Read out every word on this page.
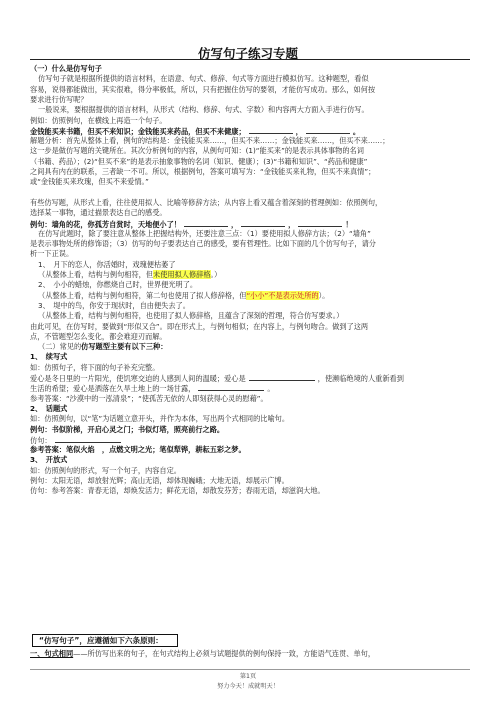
仿写句子练习专题
（一）什么是仿写句子
仿写句子就是根据所提供的语言材料，在语意、句式、修辞、句式等方面进行模拟仿写。这种题型，看似
容易，说得都能做出，其实很难，得分率极低，所以，只有把握住仿写的要领，才能仿写成功。那么，如何按
要求进行仿写呢？
一般说来，要根据提供的语言材料，从形式（结构、修辞、句式、字数）和内容两大方面入手进行仿写。
例如：仿照例句，在横线上再造一个句子。
金钱能买来书籍，但买不来知识；金钱能买来药品，但买不来健康；	，	。
解题分析：首先从整体上看，例句的结构是：金钱能买来……，但买不来……；金钱能买来……，但买不来……；
这一步是做仿写题的关键所在。其次分析例句的内容，从例句可知：(1)“能买来”的是表示具体事物的名词
（书籍、药品）；(2)“但买不来”的是表示抽象事物的名词（知识、健康）；(3)“书籍和知识”、“药品和健康”
之间具有内在的联系，三者缺一不可。所以，根据例句，答案可填写为：“金钱能买来礼物，但买不来真情”；
或“金钱能买来玫瑰，但买不来爱情。”
有些仿写题，从形式上看，往往使用拟人、比喻等修辞方法；从内容上看又蕴含着深刻的哲理例如：依照例句，
选择某一事物，通过描景表达自己的感受。
例句：墙角的花，你孤芳自赏时，天地便小了！	，	，	！
在仿写此题时，除了要注意从整体上把握结构外，还要注意三点：（1）要使用拟人修辞方法；（2）“墙角”
是表示事物处所的修饰语；（3）仿写的句子要表达自己的感受，要有哲理性。比如下面的几个仿写句子，请分
析一下正误。
1、　月下的恋人，你活婚时，戏瑰便枯萎了
（从整体上看，结构与例句相符，但未使用拟人修辞格。）
2、　小小的蜡烛，你燃烧自己时，世界便光明了。
（从整体上看，结构与例句相符，第二句也使用了拟人修辞格，但“小小”不是表示处所的）。
3、　堤中的鸟，你安于现状时，自由便失去了。
（从整体上看，结构与例句相符，也使用了拟人修辞格，且蕴含了深刻的哲理，符合仿写要求。）
由此可见，在仿写时，要做到“形似又合”。即在形式上，与例句相似；在内容上，与例句吻合。做到了这两
点，不管题型怎么变化，都会难迎刃而解。
（二）常见的仿写题型主要有以下三种：
1、　续写式
如：仿照句子，将下面的句子补充完整。
爱心是冬日里的一片阳光，使饥寒交迫的人感到人间的温暖；爱心是	，使濒临绝境的人重新看到
生活的希望；爱心是洒落在久旱土地上的一场甘露，	。
参考答案：“沙漠中的一泓清泉”；“使孤苦无依的人即刻获得心灵的慰藉”。
2、　话题式
如：仿照例句，以“笔”为话题立意开头，并作为本体，写出两个式相同的比喻句。
例句：书似阶梯，开启心灵之门；书似灯塔，照亮前行之路。
仿句：
参考答案：笔似火焰　，点燃文明之光；笔似犁铧，耕耘五彩之梦。
3、　开放式
如：仿照例句的形式，写一个句子，内容自定。
例句：太阳无语，却放射光辉；高山无语，却体现巍峨；大地无语，却展示广博。
仿句：参考答案：青春无语，却焕发活力；鲜花无语，却散发芬芳；春雨无语，却滋润大地。
“仿写句子”，应遵循如下六条原则：
一、句式相同——所仿写出来的句子，在句式结构上必须与试题提供的例句保持一致，方能语气连贯、单句，
第1页
努力今天！成就明天！
